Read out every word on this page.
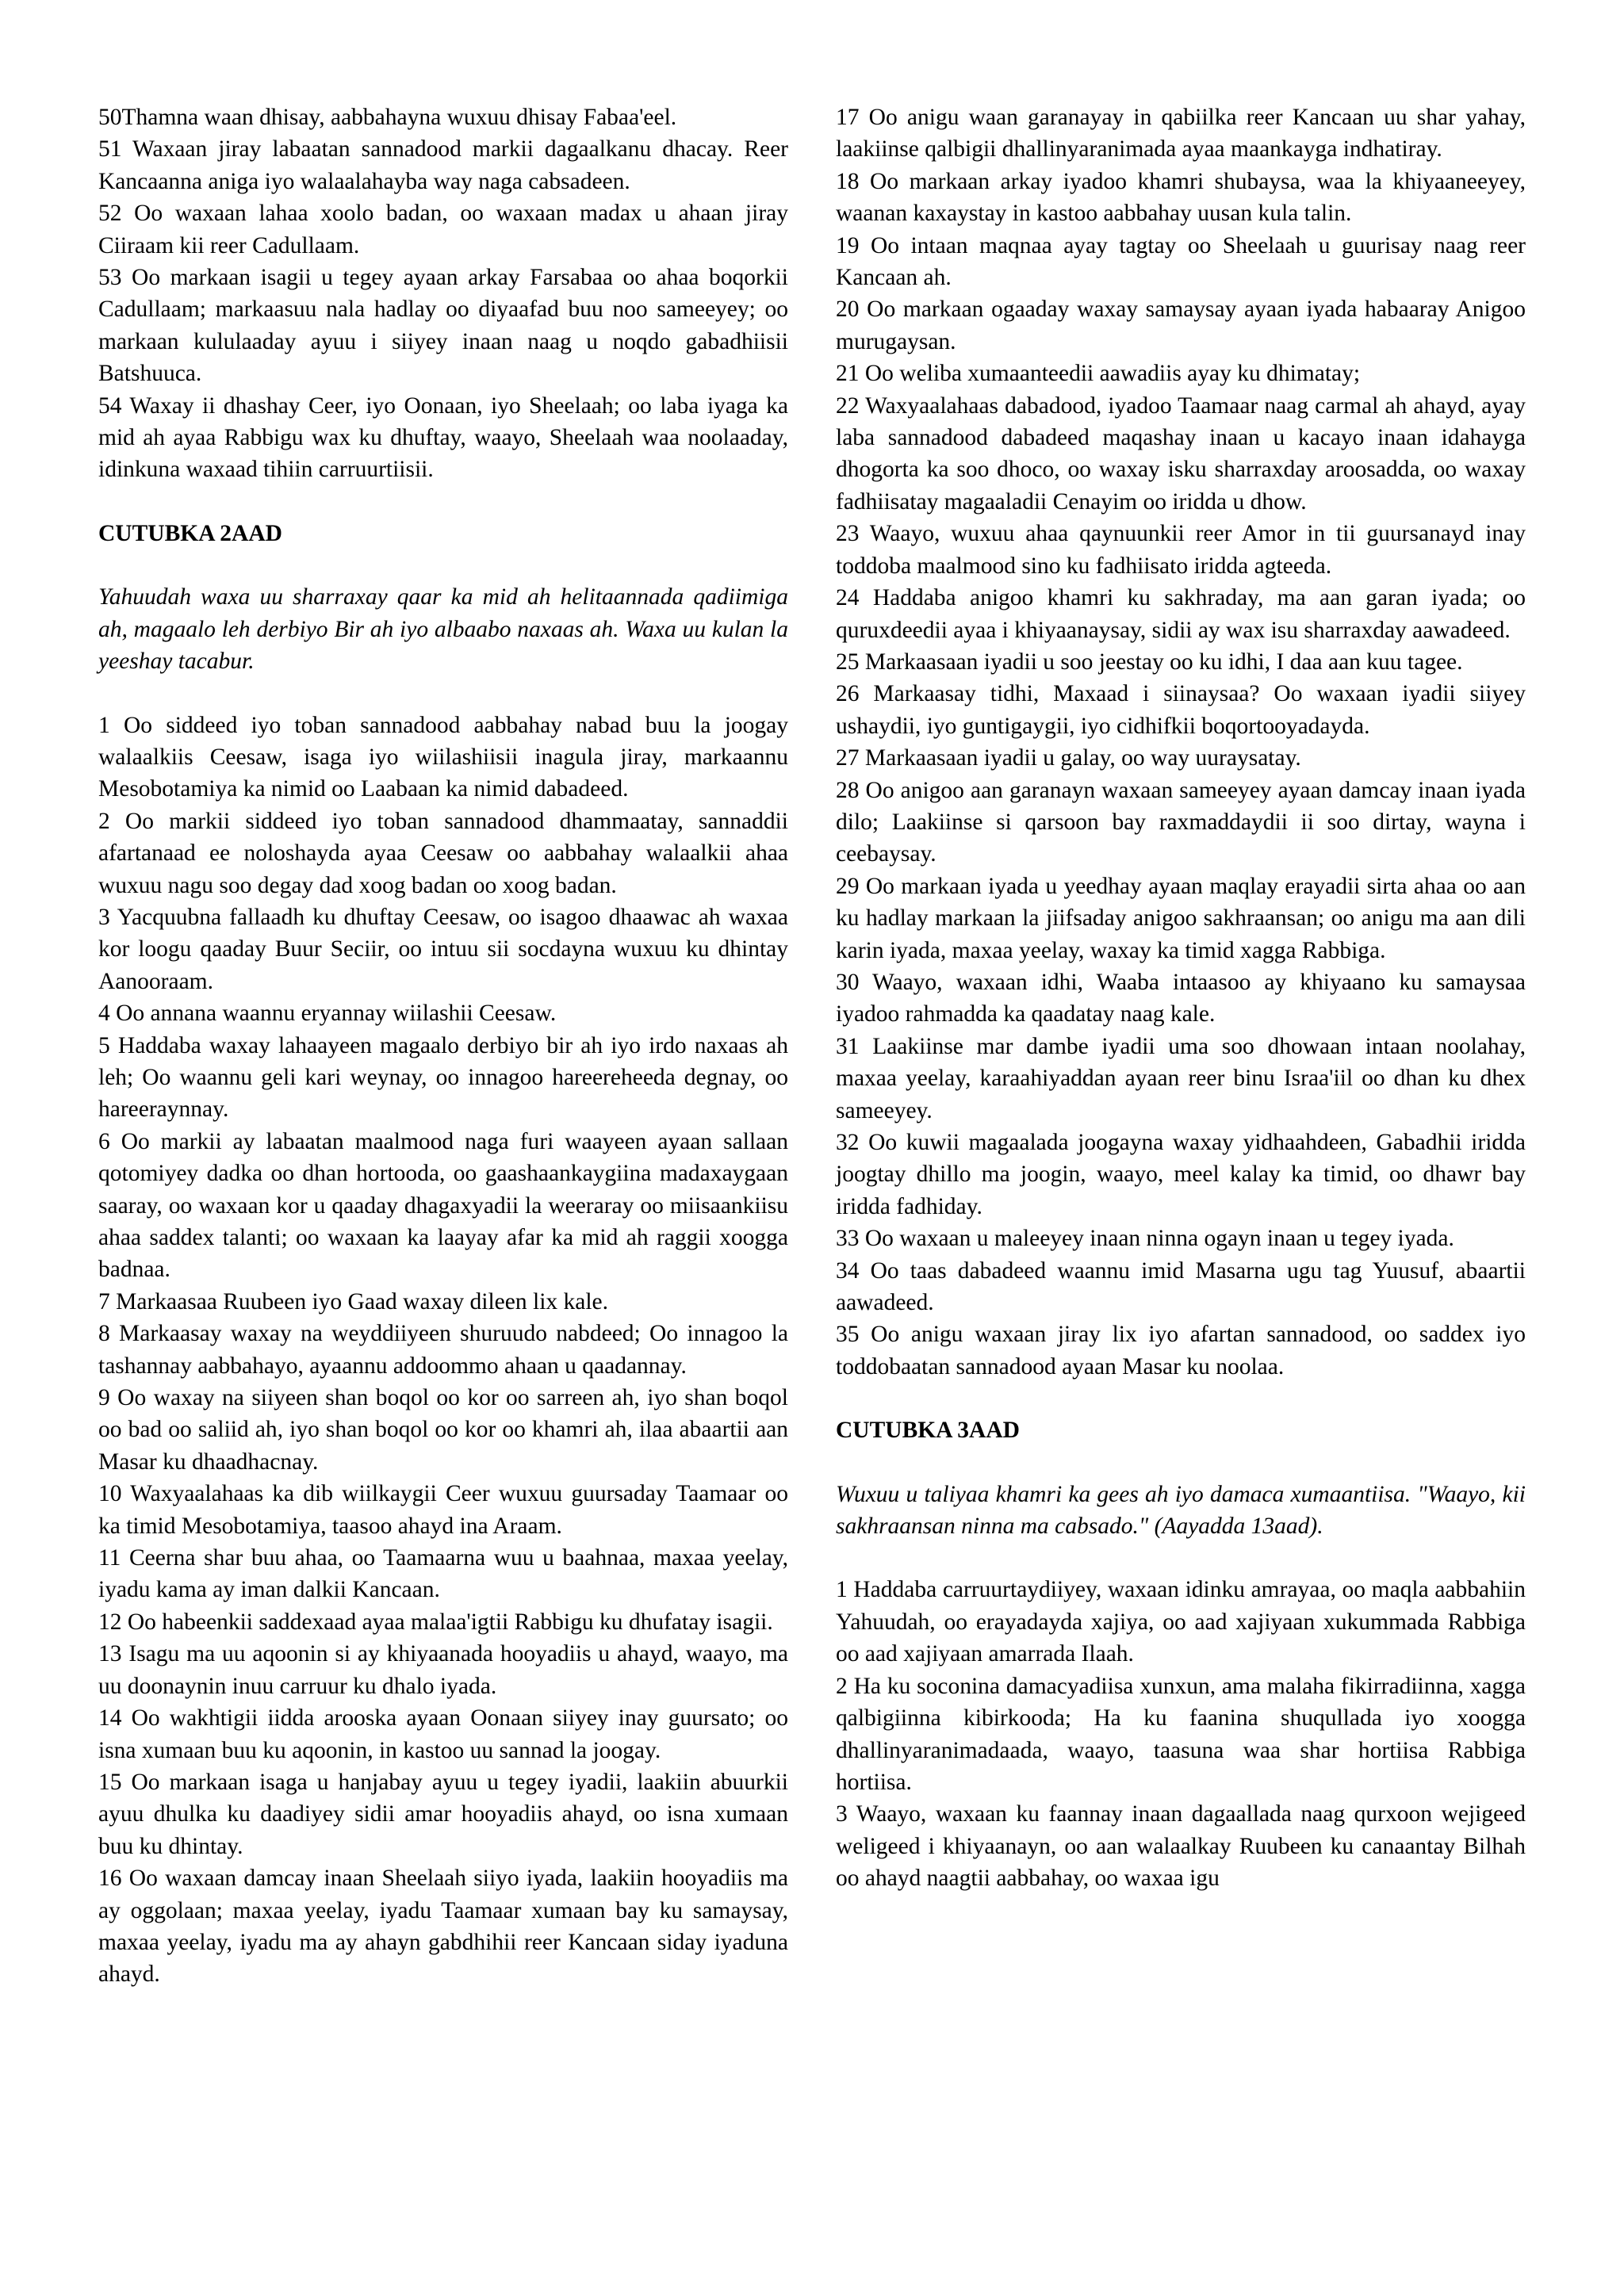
50Thamna waan dhisay, aabbahayna wuxuu dhisay Fabaa'eel.

51 Waxaan jiray labaatan sannadood markii dagaalkanu dhacay. Reer Kancaanna aniga iyo walaalahayba way naga cabsadeen.

52 Oo waxaan lahaa xoolo badan, oo waxaan madax u ahaan jiray Ciiraam kii reer Cadullaam.

53 Oo markaan isagii u tegey ayaan arkay Farsabaa oo ahaa boqorkii Cadullaam; markaasuu nala hadlay oo diyaafad buu noo sameeyey; oo markaan kululaaday ayuu i siiyey inaan naag u noqdo gabadhiisii Batshuuca.

54 Waxay ii dhashay Ceer, iyo Oonaan, iyo Sheelaah; oo laba iyaga ka mid ah ayaa Rabbigu wax ku dhuftay, waayo, Sheelaah waa noolaaday, idinkuna waxaad tihiin carruurtiisii.

CUTUBKA 2AAD

Yahuudah waxa uu sharraxay qaar ka mid ah helitaannada qadiimiga ah, magaalo leh derbiyo Bir ah iyo albaabo naxaas ah. Waxa uu kulan la yeeshay tacabur.

1 Oo siddeed iyo toban sannadood aabbahay nabad buu la joogay walaalkiis Ceesaw, isaga iyo wiilashiisii inagula jiray, markaannu Mesobotamiya ka nimid oo Laabaan ka nimid dabadeed.

2 Oo markii siddeed iyo toban sannadood dhammaatay, sannaddii afartanaad ee noloshayda ayaa Ceesaw oo aabbahay walaalkii ahaa wuxuu nagu soo degay dad xoog badan oo xoog badan.

3 Yacquubna fallaadh ku dhuftay Ceesaw, oo isagoo dhaawac ah waxaa kor loogu qaaday Buur Seciir, oo intuu sii socdayna wuxuu ku dhintay Aanooraam.

4 Oo annana waannu eryannay wiilashii Ceesaw.

5 Haddaba waxay lahaayeen magaalo derbiyo bir ah iyo irdo naxaas ah leh; Oo waannu geli kari weynay, oo innagoo hareereheeda degnay, oo hareeraynnay.

6 Oo markii ay labaatan maalmood naga furi waayeen ayaan sallaan qotomiyey dadka oo dhan hortooda, oo gaashaankaygiina madaxaygaan saaray, oo waxaan kor u qaaday dhagaxyadii la weeraray oo miisaankiisu ahaa saddex talanti; oo waxaan ka laayay afar ka mid ah raggii xoogga badnaa.

7 Markaasaa Ruubeen iyo Gaad waxay dileen lix kale.

8 Markaasay waxay na weyddiiyeen shuruudo nabdeed; Oo innagoo la tashannay aabbahayo, ayaannu addoommo ahaan u qaadannay.

9 Oo waxay na siiyeen shan boqol oo kor oo sarreen ah, iyo shan boqol oo bad oo saliid ah, iyo shan boqol oo kor oo khamri ah, ilaa abaartii aan Masar ku dhaadhacnay.

10 Waxyaalahaas ka dib wiilkaygii Ceer wuxuu guursaday Taamaar oo ka timid Mesobotamiya, taasoo ahayd ina Araam.

11 Ceerna shar buu ahaa, oo Taamaarna wuu u baahnaa, maxaa yeelay, iyadu kama ay iman dalkii Kancaan.

12 Oo habeenkii saddexaad ayaa malaa'igtii Rabbigu ku dhufatay isagii.

13 Isagu ma uu aqoonin si ay khiyaanada hooyadiis u ahayd, waayo, ma uu doonaynin inuu carruur ku dhalo iyada.

14 Oo wakhtigii iidda arooska ayaan Oonaan siiyey inay guursato; oo isna xumaan buu ku aqoonin, in kastoo uu sannad la joogay.

15 Oo markaan isaga u hanjabay ayuu u tegey iyadii, laakiin abuurkii ayuu dhulka ku daadiyey sidii amar hooyadiis ahayd, oo isna xumaan buu ku dhintay.

16 Oo waxaan damcay inaan Sheelaah siiyo iyada, laakiin hooyadiis ma ay oggolaan; maxaa yeelay, iyadu Taamaar xumaan bay ku samaysay, maxaa yeelay, iyadu ma ay ahayn gabdhihii reer Kancaan siday iyaduna ahayd.

17 Oo anigu waan garanayay in qabiilka reer Kancaan uu shar yahay, laakiinse qalbigii dhallinyaranimada ayaa maankayga indhatiray.

18 Oo markaan arkay iyadoo khamri shubaysa, waa la khiyaaneeyey, waanan kaxaystay in kastoo aabbahay uusan kula talin.

19 Oo intaan maqnaa ayay tagtay oo Sheelaah u guurisay naag reer Kancaan ah.

20 Oo markaan ogaaday waxay samaysay ayaan iyada habaaray Anigoo murugaysan.

21 Oo weliba xumaanteedii aawadiis ayay ku dhimatay;

22 Waxyaalahaas dabadood, iyadoo Taamaar naag carmal ah ahayd, ayay laba sannadood dabadeed maqashay inaan u kacayo inaan idahayga dhogorta ka soo dhoco, oo waxay isku sharraxday aroosadda, oo waxay fadhiisatay magaaladii Cenayim oo iridda u dhow.

23 Waayo, wuxuu ahaa qaynuunkii reer Amor in tii guursanayd inay toddoba maalmood sino ku fadhiisato iridda agteeda.

24 Haddaba anigoo khamri ku sakhraday, ma aan garan iyada; oo quruxdeedii ayaa i khiyaanaysay, sidii ay wax isu sharraxday aawadeed.

25 Markaasaan iyadii u soo jeestay oo ku idhi, I daa aan kuu tagee.

26 Markaasay tidhi, Maxaad i siinaysaa? Oo waxaan iyadii siiyey ushaydii, iyo guntigaygii, iyo cidhifkii boqortooyadayda.

27 Markaasaan iyadii u galay, oo way uuraysatay.

28 Oo anigoo aan garanayn waxaan sameeyey ayaan damcay inaan iyada dilo; Laakiinse si qarsoon bay raxmaddaydii ii soo dirtay, wayna i ceebaysay.

29 Oo markaan iyada u yeedhay ayaan maqlay erayadii sirta ahaa oo aan ku hadlay markaan la jiifsaday anigoo sakhraansan; oo anigu ma aan dili karin iyada, maxaa yeelay, waxay ka timid xagga Rabbiga.

30 Waayo, waxaan idhi, Waaba intaasoo ay khiyaano ku samaysaa iyadoo rahmadda ka qaadatay naag kale.

31 Laakiinse mar dambe iyadii uma soo dhowaan intaan noolahay, maxaa yeelay, karaahiyaddan ayaan reer binu Israa'iil oo dhan ku dhex sameeyey.

32 Oo kuwii magaalada joogayna waxay yidhaahdeen, Gabadhii iridda joogtay dhillo ma joogin, waayo, meel kalay ka timid, oo dhawr bay iridda fadhiday.

33 Oo waxaan u maleeyey inaan ninna ogayn inaan u tegey iyada.

34 Oo taas dabadeed waannu imid Masarna ugu tag Yuusuf, abaartii aawadeed.

35 Oo anigu waxaan jiray lix iyo afartan sannadood, oo saddex iyo toddobaatan sannadood ayaan Masar ku noolaa.

CUTUBKA 3AAD

Wuxuu u taliyaa khamri ka gees ah iyo damaca xumaantiisa. "Waayo, kii sakhraansan ninna ma cabsado." (Aayadda 13aad).

1 Haddaba carruurtaydiiyey, waxaan idinku amrayaa, oo maqla aabbahiin Yahuudah, oo erayadayda xajiya, oo aad xajiyaan xukummada Rabbiga oo aad xajiyaan amarrada Ilaah.

2 Ha ku soconina damacyadiisa xunxun, ama malaha fikirradiinna, xagga qalbigiinna kibirkooda; Ha ku faanina shuqullada iyo xoogga dhallinyaranimadaada, waayo, taasuna waa shar hortiisa Rabbiga hortiisa.

3 Waayo, waxaan ku faannay inaan dagaallada naag qurxoon wejigeed weligeed i khiyaanayn, oo aan walaalkay Ruubeen ku canaantay Bilhah oo ahayd naagtii aabbahay, oo waxaa igu
